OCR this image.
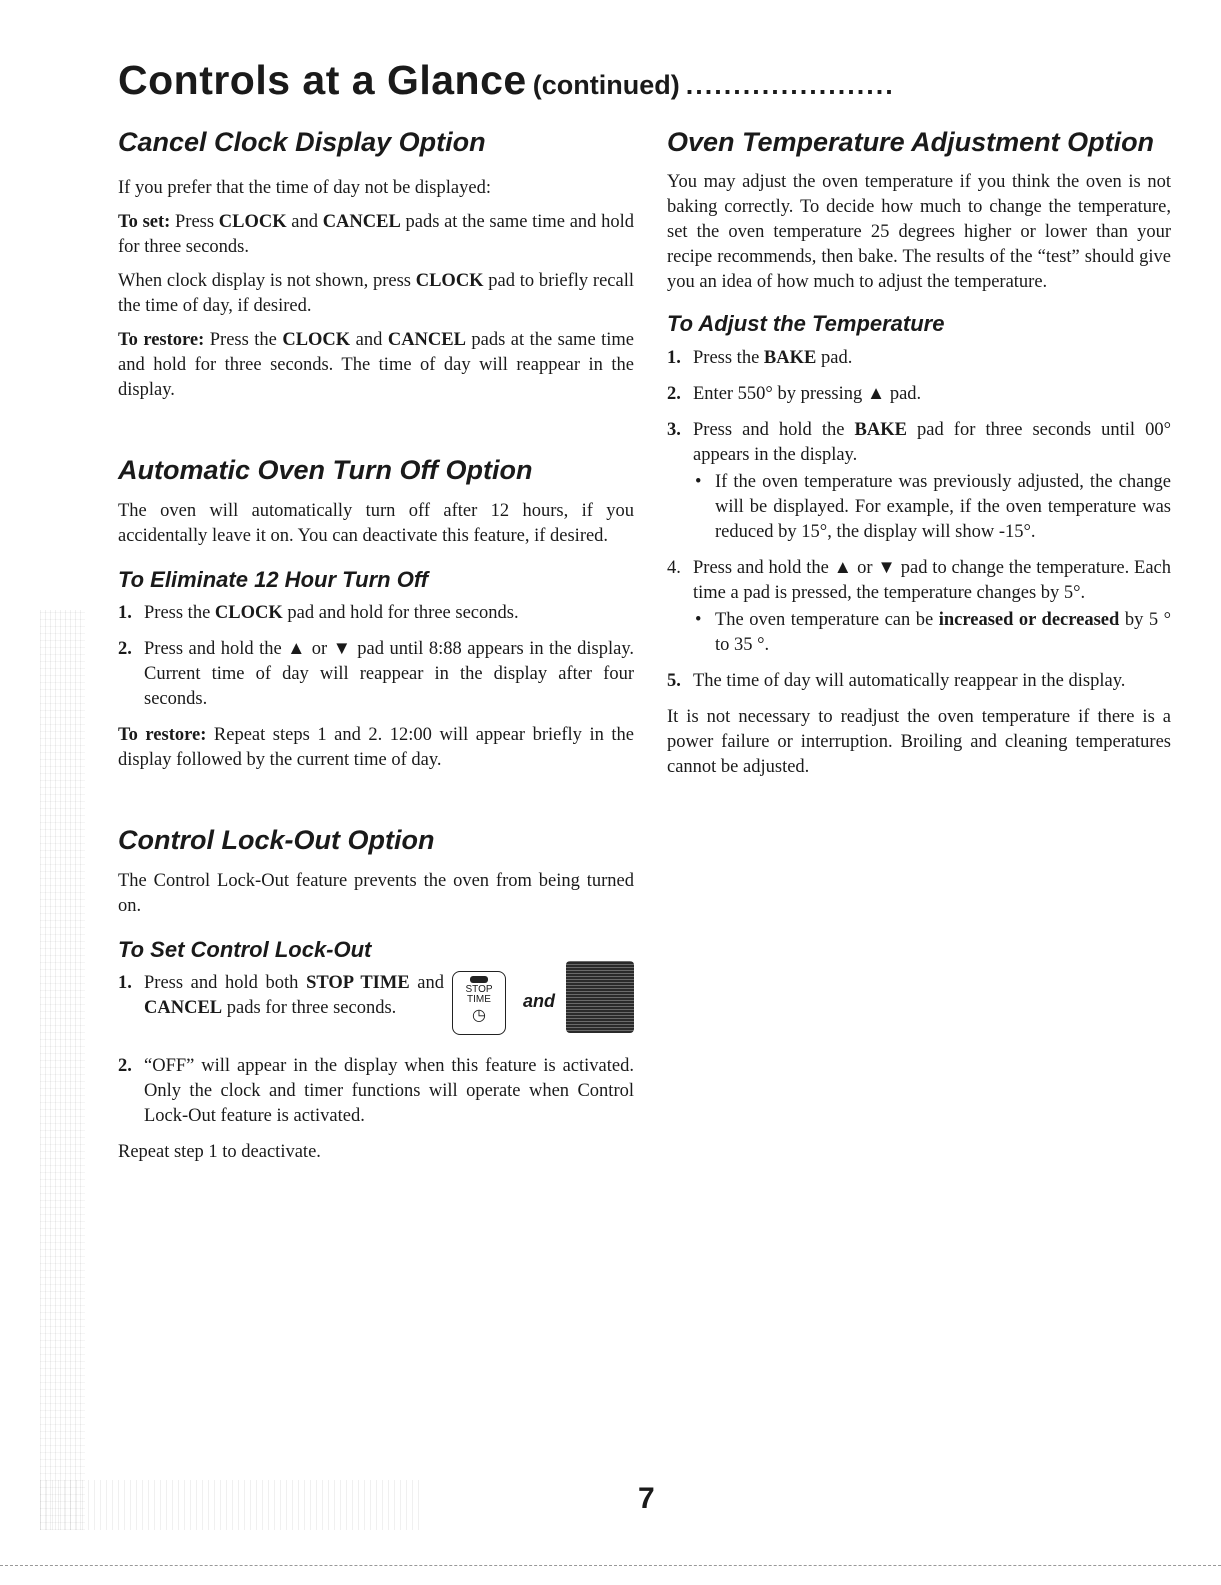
Controls at a Glance (continued) ......................
Cancel Clock Display Option

If you prefer that the time of day not be displayed:

To set: Press CLOCK and CANCEL pads at the same time and hold for three seconds.

When clock display is not shown, press CLOCK pad to briefly recall the time of day, if desired.

To restore: Press the CLOCK and CANCEL pads at the same time and hold for three seconds. The time of day will reappear in the display.

Automatic Oven Turn Off Option

The oven will automatically turn off after 12 hours, if you accidentally leave it on. You can deactivate this feature, if desired.

To Eliminate 12 Hour Turn Off
1. Press the CLOCK pad and hold for three seconds.
2. Press and hold the ▲ or ▼ pad until 8:88 appears in the display. Current time of day will reappear in the display after four seconds.

To restore: Repeat steps 1 and 2. 12:00 will appear briefly in the display followed by the current time of day.

Control Lock-Out Option

The Control Lock-Out feature prevents the oven from being turned on.

To Set Control Lock-Out
1. Press and hold both STOP TIME and CANCEL pads for three seconds.
STOP
TIME
◷
and
2. “OFF” will appear in the display when this feature is activated. Only the clock and timer functions will operate when Control Lock-Out feature is activated.

Repeat step 1 to deactivate.

Oven Temperature Adjustment Option

You may adjust the oven temperature if you think the oven is not baking correctly. To decide how much to change the temperature, set the oven temperature 25 degrees higher or lower than your recipe recommends, then bake. The results of the “test” should give you an idea of how much to adjust the temperature.

To Adjust the Temperature
1. Press the BAKE pad.
2. Enter 550° by pressing ▲ pad.
3. Press and hold the BAKE pad for three seconds until 00° appears in the display.
• If the oven temperature was previously adjusted, the change will be displayed. For example, if the oven temperature was reduced by 15°, the display will show -15°.
4. Press and hold the ▲ or ▼ pad to change the temperature. Each time a pad is pressed, the temperature changes by 5°.
• The oven temperature can be increased or decreased by 5 ° to 35 °.
5. The time of day will automatically reappear in the display.

It is not necessary to readjust the oven temperature if there is a power failure or interruption. Broiling and cleaning temperatures cannot be adjusted.

7
